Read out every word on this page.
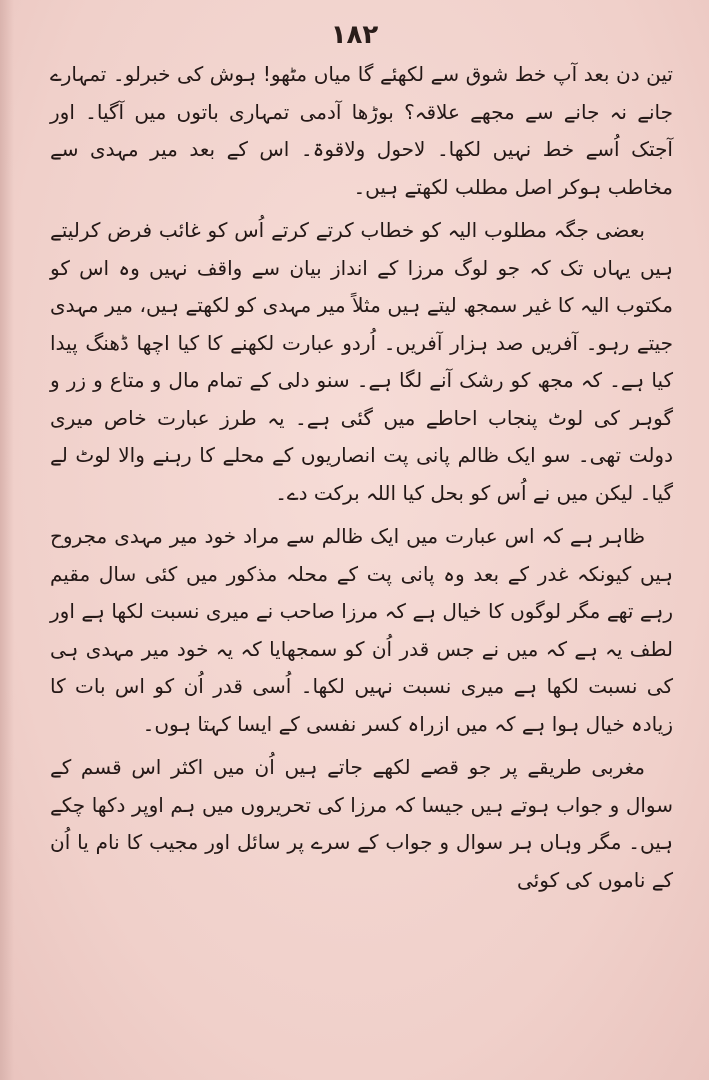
۱۸۲

تین دن بعد آپ خط شوق سے لکھئے گا میاں مٹھو! ہوش کی خبرلو۔ تمہارے جانے نہ جانے سے مجھے علاقہ؟ بوڑھا آدمی تمہاری باتوں میں آگیا۔ اور آجتک اُسے خط نہیں لکھا۔ لاحول ولاقوۃ۔ اس کے بعد میر مہدی سے مخاطب ہوکر اصل مطلب لکھتے ہیں۔

بعضی جگہ مطلوب الیہ کو خطاب کرتے کرتے اُس کو غائب فرض کرلیتے ہیں یہاں تک کہ جو لوگ مرزا کے انداز بیان سے واقف نہیں وہ اس کو مکتوب الیہ کا غیر سمجھ لیتے ہیں مثلاً میر مہدی کو لکھتے ہیں، میر مہدی جیتے رہو۔ آفریں صد ہزار آفریں۔ اُردو عبارت لکھنے کا کیا اچھا ڈھنگ پیدا کیا ہے۔ کہ مجھ کو رشک آنے لگا ہے۔ سنو دلی کے تمام مال و متاع و زر و گوہر کی لوٹ پنجاب احاطے میں گئی ہے۔ یہ طرز عبارت خاص میری دولت تھی۔ سو ایک ظالم پانی پت انصاریوں کے محلے کا رہنے والا لوٹ لے گیا۔ لیکن میں نے اُس کو بحل کیا اللہ برکت دے۔

ظاہر ہے کہ اس عبارت میں ایک ظالم سے مراد خود میر مہدی مجروح ہیں کیونکہ غدر کے بعد وہ پانی پت کے محلہ مذکور میں کئی سال مقیم رہے تھے مگر لوگوں کا خیال ہے کہ مرزا صاحب نے میری نسبت لکھا ہے اور لطف یہ ہے کہ میں نے جس قدر اُن کو سمجھایا کہ یہ خود میر مہدی ہی کی نسبت لکھا ہے میری نسبت نہیں لکھا۔ اُسی قدر اُن کو اس بات کا زیادہ خیال ہوا ہے کہ میں ازراہ کسر نفسی کے ایسا کہتا ہوں۔

مغربی طریقے پر جو قصے لکھے جاتے ہیں اُن میں اکثر اس قسم کے سوال و جواب ہوتے ہیں جیسا کہ مرزا کی تحریروں میں ہم اوپر دکھا چکے ہیں۔ مگر وہاں ہر سوال و جواب کے سرے پر سائل اور مجیب کا نام یا اُن کے ناموں کی کوئی
